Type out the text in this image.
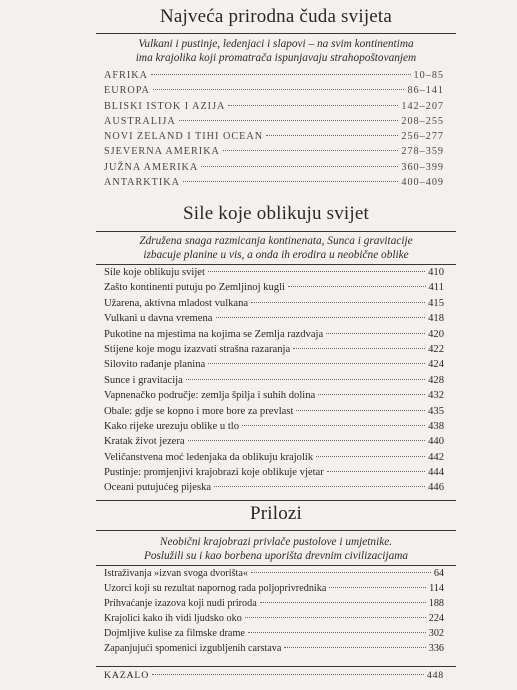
Najveća prirodna čuda svijeta
Vulkani i pustinje, ledenjaci i slapovi – na svim kontinentima
ima krajolika koji promatrača ispunjavaju strahopoštovanjem
AFRIKA	10–85
EUROPA	86–141
BLISKI ISTOK I AZIJA	142–207
AUSTRALIJA	208–255
NOVI ZELAND I TIHI OCEAN	256–277
SJEVERNA AMERIKA	278–359
JUŽNA AMERIKA	360–399
ANTARKTIKA	400–409
Sile koje oblikuju svijet
Združena snaga razmicanja kontinenata, Sunca i gravitacije
izbacuje planine u vis, a onda ih erodira u neobične oblike
Sile koje oblikuju svijet	410
Zašto kontinenti putuju po Zemljinoj kugli	411
Užarena, aktivna mladost vulkana	415
Vulkani u davna vremena	418
Pukotine na mjestima na kojima se Zemlja razdvaja	420
Stijene koje mogu izazvati strašna razaranja	422
Silovito rađanje planina	424
Sunce i gravitacija	428
Vapnenačko područje: zemlja špilja i suhih dolina	432
Obale: gdje se kopno i more bore za prevlast	435
Kako rijeke urezuju oblike u tlo	438
Kratak život jezera	440
Veličanstvena moć ledenjaka da oblikuju krajolik	442
Pustinje: promjenjivi krajobrazi koje oblikuje vjetar	444
Oceani putujućeg pijeska	446
Prilozi
Neobični krajobrazi privlače pustolove i umjetnike.
Poslužili su i kao borbena uporišta drevnim civilizacijama
Istraživanja »izvan svoga dvorišta«	64
Uzorci koji su rezultat napornog rada poljoprivrednika	114
Prihvaćanje izazova koji nudi priroda	188
Krajolici kako ih vidi ljudsko oko	224
Dojmljive kulise za filmske drame	302
Zapanjujući spomenici izgubljenih carstava	336
KAZALO	448
